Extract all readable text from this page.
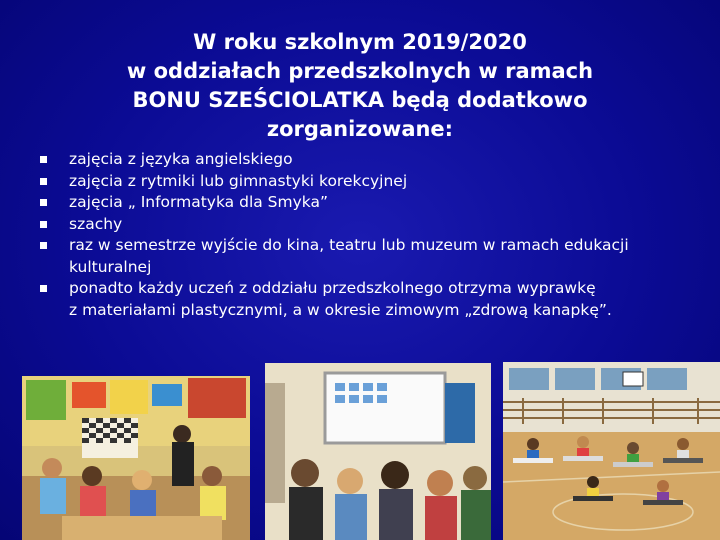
W roku szkolnym 2019/2020
w oddziałach przedszkolnych w ramach
BONU SZEŚCIOLATKA będą dodatkowo
zorganizowane:
zajęcia z języka angielskiego
zajęcia z rytmiki lub gimnastyki korekcyjnej
zajęcia „ Informatyka dla Smyka”
szachy
raz w semestrze wyjście do kina, teatru lub muzeum w ramach edukacji
kulturalnej
ponadto każdy uczeń z oddziału przedszkolnego otrzyma wyprawkę
z materiałami plastycznymi, a w okresie zimowym „zdrową kanapkę”.
